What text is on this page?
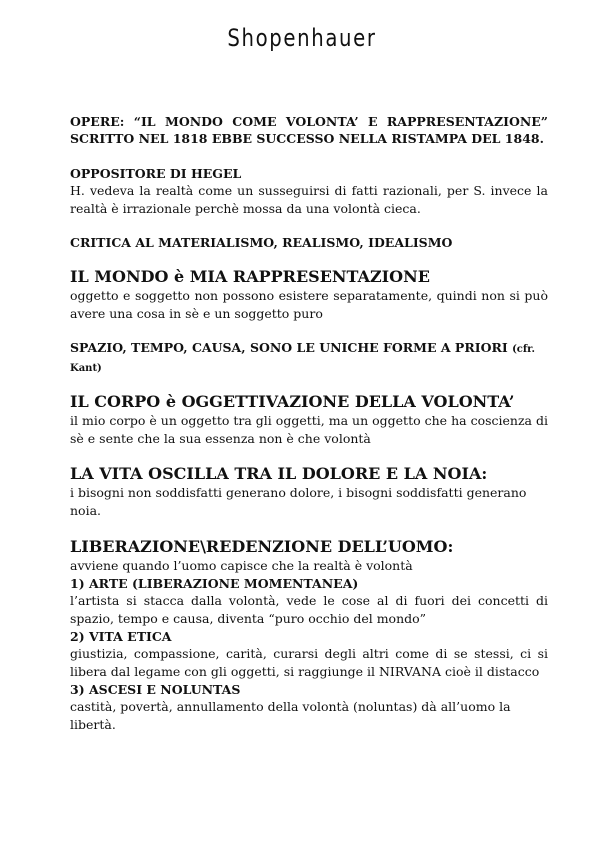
Shopenhauer

OPERE: “IL MONDO COME VOLONTA’ E RAPPRESENTAZIONE” SCRITTO NEL 1818 EBBE SUCCESSO NELLA RISTAMPA DEL 1848.

OPPOSITORE DI HEGEL

H. vedeva la realtà come un susseguirsi di fatti razionali, per S. invece la realtà è irrazionale perchè mossa da una volontà cieca.

CRITICA AL MATERIALISMO, REALISMO, IDEALISMO

IL MONDO è MIA RAPPRESENTAZIONE

oggetto e soggetto non possono esistere separatamente, quindi non si può avere una cosa in sè e un soggetto puro

SPAZIO, TEMPO, CAUSA, SONO LE UNICHE FORME A PRIORI (cfr. Kant)

IL CORPO è OGGETTIVAZIONE DELLA VOLONTA’

il mio corpo è un oggetto tra gli oggetti, ma un oggetto che ha coscienza di sè e sente che la sua essenza non è che volontà

LA VITA OSCILLA TRA IL DOLORE E LA NOIA:

i bisogni non soddisfatti generano dolore, i bisogni soddisfatti generano noia.

LIBERAZIONE\REDENZIONE DELL’UOMO:

avviene quando l’uomo capisce che la realtà è volontà

1) ARTE (LIBERAZIONE MOMENTANEA)

l’artista si stacca dalla volontà, vede le cose al di fuori dei concetti di spazio, tempo e causa, diventa “puro occhio del mondo”

2) VITA ETICA

giustizia, compassione, carità, curarsi degli altri come di se stessi, ci si libera dal legame con gli oggetti, si raggiunge il NIRVANA cioè il distacco

3) ASCESI E NOLUNTAS

castità, povertà, annullamento della volontà (noluntas) dà all’uomo la libertà.
